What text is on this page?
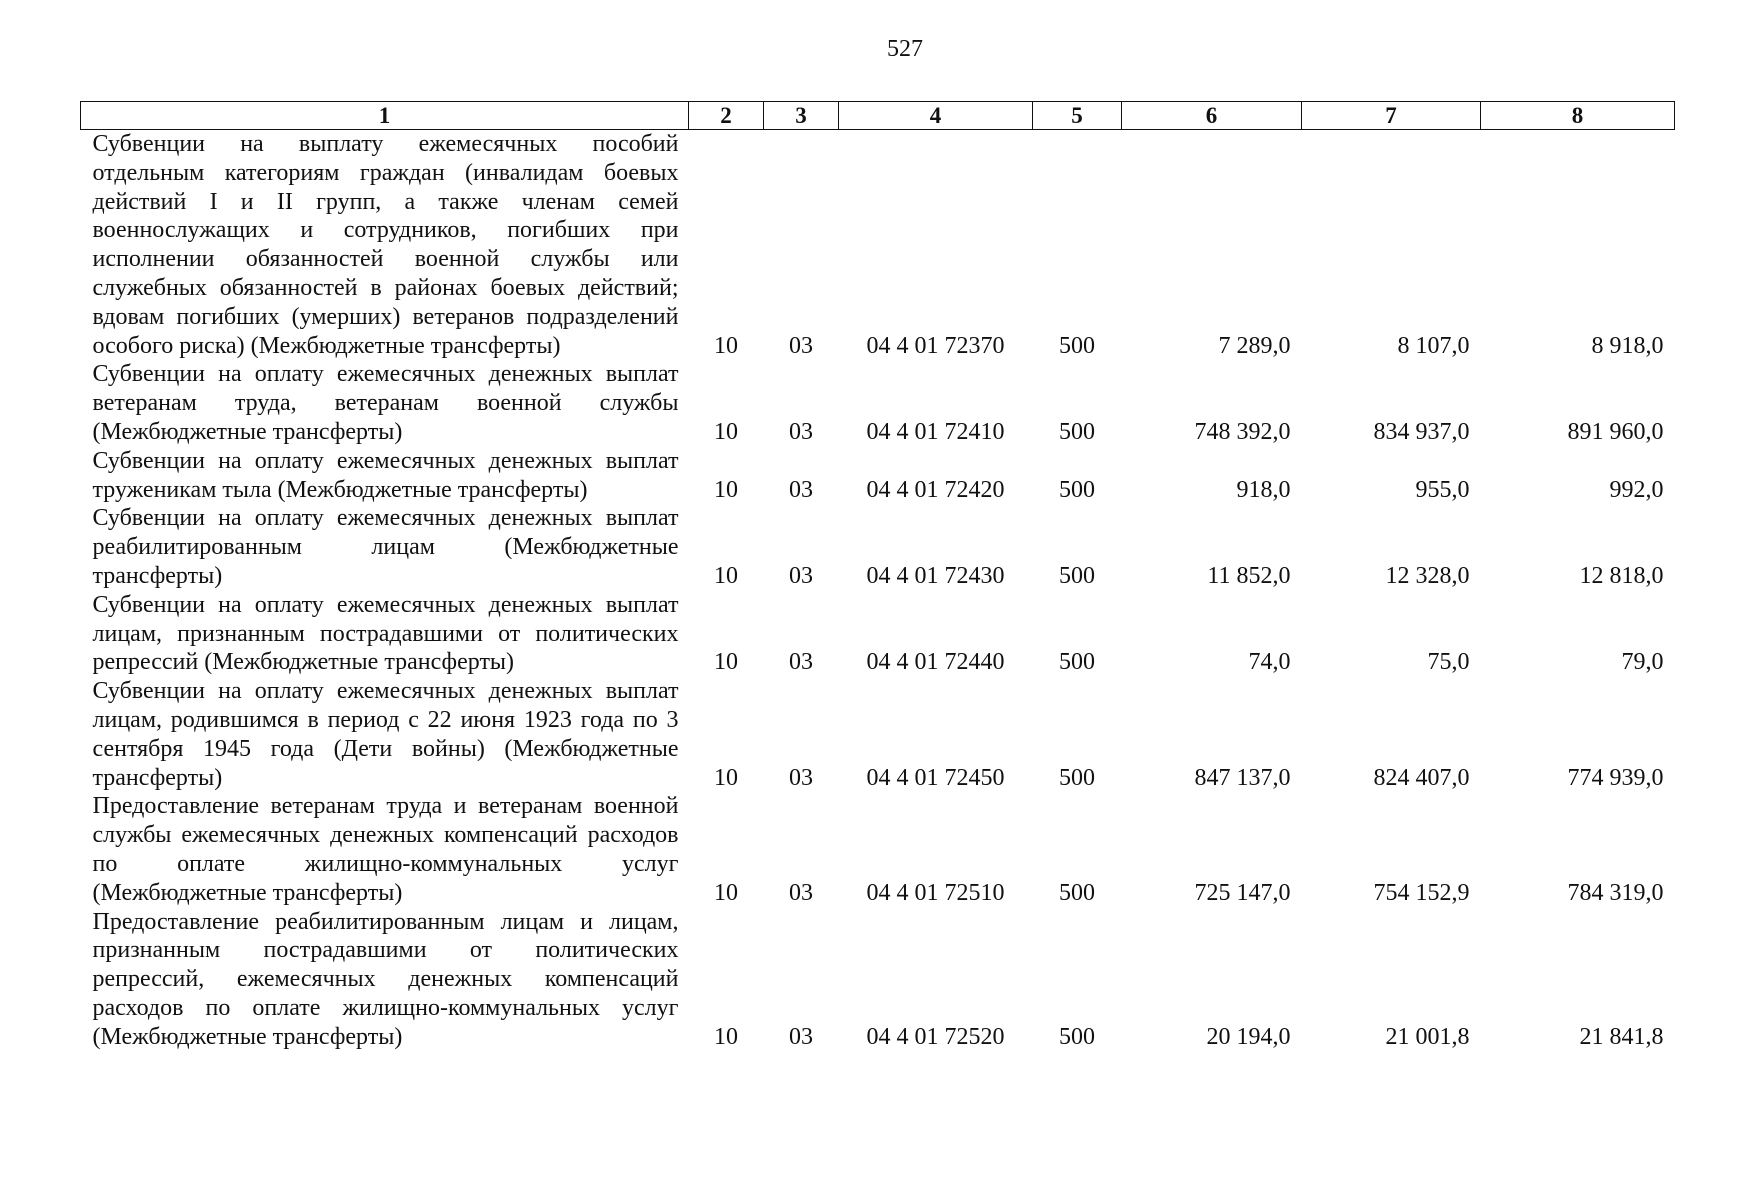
527
1	2	3	4	5	6	7	8

Субвенции на выплату ежемесячных пособий отдельным категориям граждан (инвалидам боевых действий I и II групп, а также членам семей военнослужащих и сотрудников, погибших при исполнении обязанностей военной службы или служебных обязанностей в районах боевых действий; вдовам погибших (умерших) ветеранов подразделений особого риска) (Межбюджетные трансферты)	10	03	04 4 01 72370	500	7 289,0	8 107,0	8 918,0

Субвенции на оплату ежемесячных денежных выплат ветеранам труда, ветеранам военной службы (Межбюджетные трансферты)	10	03	04 4 01 72410	500	748 392,0	834 937,0	891 960,0

Субвенции на оплату ежемесячных денежных выплат труженикам тыла (Межбюджетные трансферты)	10	03	04 4 01 72420	500	918,0	955,0	992,0

Субвенции на оплату ежемесячных денежных выплат реабилитированным лицам (Межбюджетные трансферты)	10	03	04 4 01 72430	500	11 852,0	12 328,0	12 818,0

Субвенции на оплату ежемесячных денежных выплат лицам, признанным пострадавшими от политических репрессий (Межбюджетные трансферты)	10	03	04 4 01 72440	500	74,0	75,0	79,0

Субвенции на оплату ежемесячных денежных выплат лицам, родившимся в период с 22 июня 1923 года по 3 сентября 1945 года (Дети войны) (Межбюджетные трансферты)	10	03	04 4 01 72450	500	847 137,0	824 407,0	774 939,0

Предоставление ветеранам труда и ветеранам военной службы ежемесячных денежных компенсаций расходов по оплате жилищно-коммунальных услуг (Межбюджетные трансферты)	10	03	04 4 01 72510	500	725 147,0	754 152,9	784 319,0

Предоставление реабилитированным лицам и лицам, признанным пострадавшими от политических репрессий, ежемесячных денежных компенсаций расходов по оплате жилищно-коммунальных услуг (Межбюджетные трансферты)	10	03	04 4 01 72520	500	20 194,0	21 001,8	21 841,8
